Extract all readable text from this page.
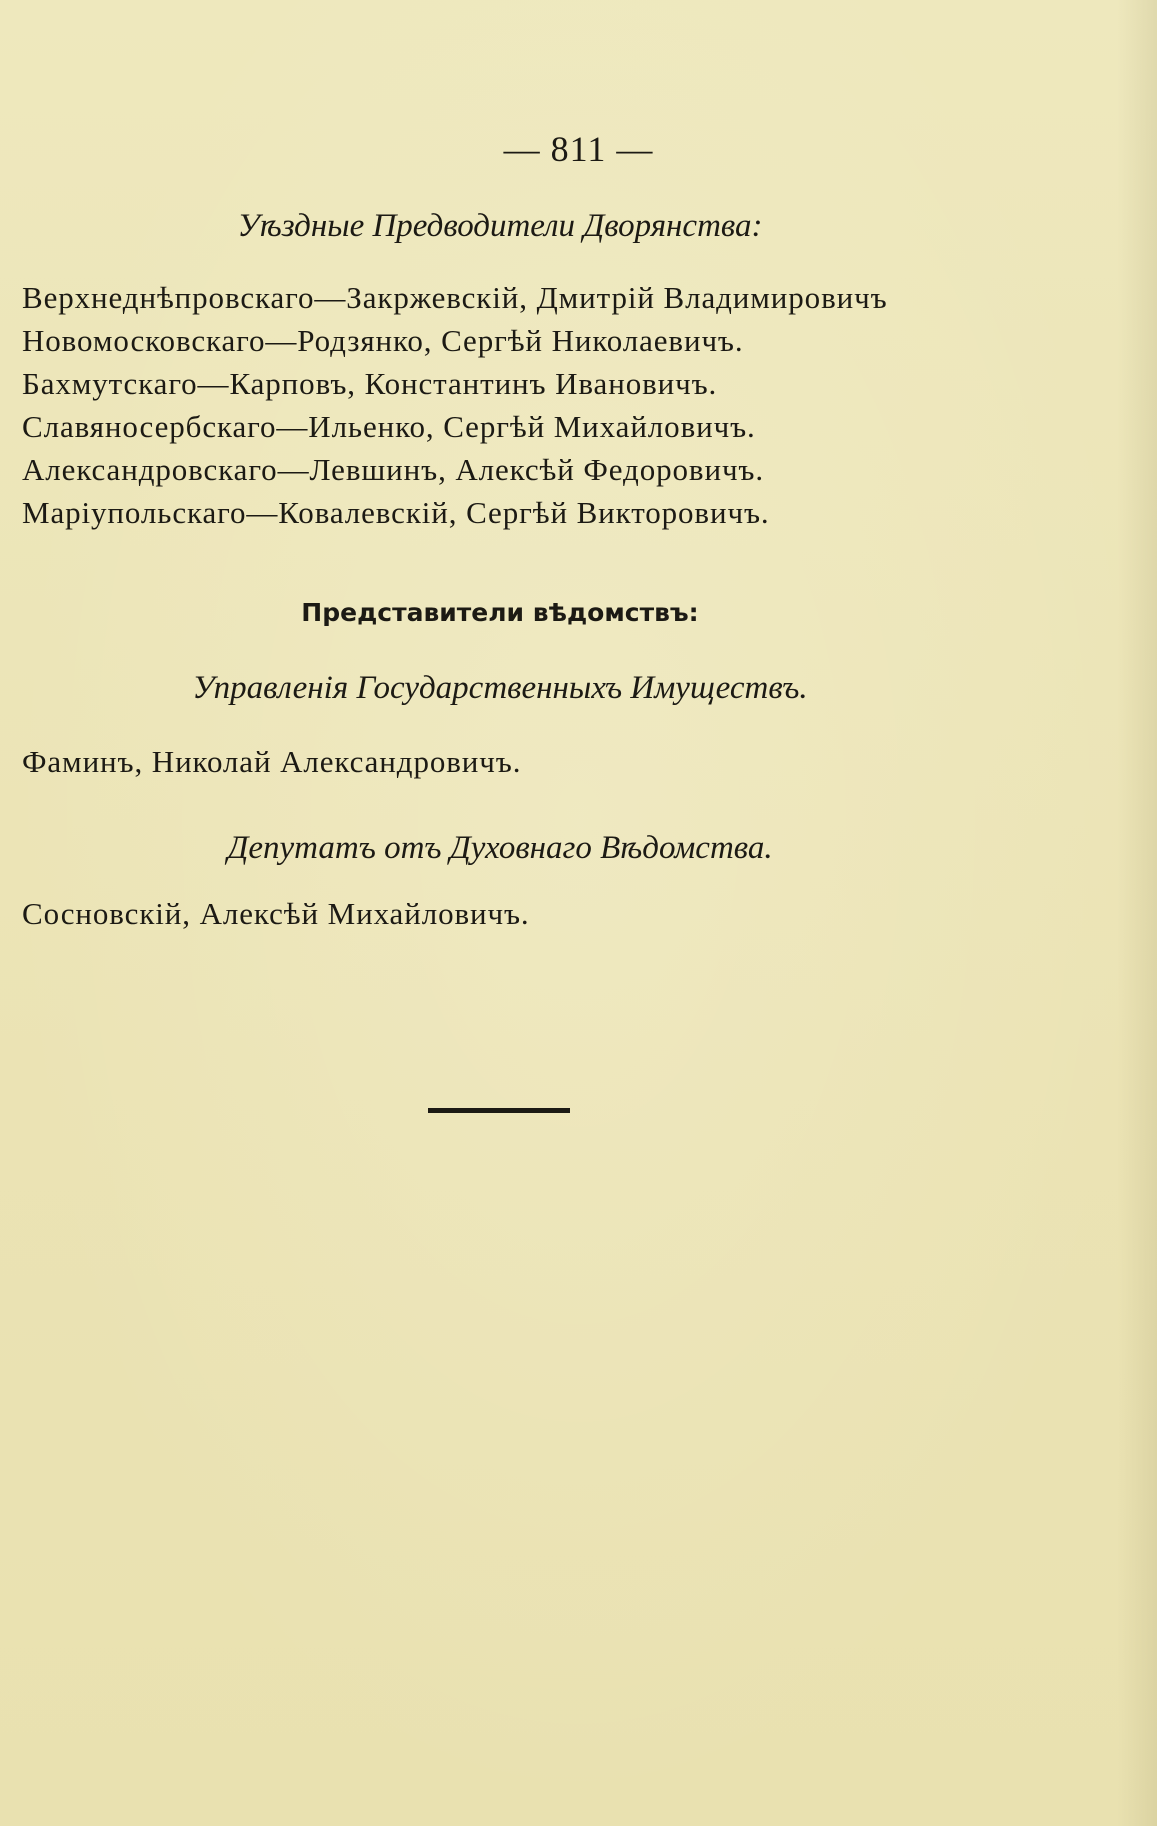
— 811 —
Уѣздные Предводители Дворянства:
Верхнеднѣпровскаго—Закржевскій, Дмитрій Владимировичъ
Новомосковскаго—Родзянко, Сергѣй Николаевичъ.
Бахмутскаго—Карповъ, Константинъ Ивановичъ.
Славяносербскаго—Ильенко, Сергѣй Михайловичъ.
Александровскаго—Левшинъ, Алексѣй Федоровичъ.
Маріупольскаго—Ковалевскій, Сергѣй Викторовичъ.
Представители вѣдомствъ:
Управленія Государственныхъ Имуществъ.
Фаминъ, Николай Александровичъ.
Депутатъ отъ Духовнаго Вѣдомства.
Сосновскій, Алексѣй Михайловичъ.
